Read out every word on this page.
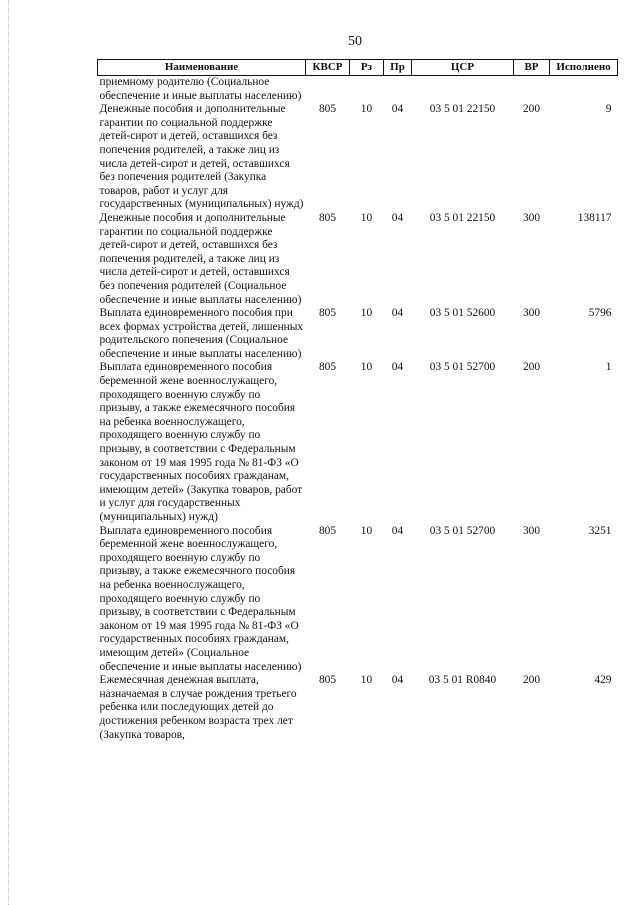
50
Наименование	КВСР	Рз	Пр	ЦСР	ВР	Исполнено
приемному родителю (Социальное обеспечение и иные выплаты населению)						
Денежные пособия и дополнительные гарантии по социальной поддержке детей-сирот и детей, оставшихся без попечения родителей, а также лиц из числа детей-сирот и детей, оставшихся без попечения родителей (Закупка товаров, работ и услуг для государственных (муниципальных) нужд)	805	10	04	03 5 01 22150	200	9
Денежные пособия и дополнительные гарантии по социальной поддержке детей-сирот и детей, оставшихся без попечения родителей, а также лиц из числа детей-сирот и детей, оставшихся без попечения родителей (Социальное обеспечение и иные выплаты населению)	805	10	04	03 5 01 22150	300	138117
Выплата единовременного пособия при всех формах устройства детей, лишенных родительского попечения (Социальное обеспечение и иные выплаты населению)	805	10	04	03 5 01 52600	300	5796
Выплата единовременного пособия беременной жене военнослужащего, проходящего военную службу по призыву, а также ежемесячного пособия на ребенка военнослужащего, проходящего военную службу по призыву, в соответствии с Федеральным законом от 19 мая 1995 года № 81-ФЗ «О государственных пособиях гражданам, имеющим детей» (Закупка товаров, работ и услуг для государственных (муниципальных) нужд)	805	10	04	03 5 01 52700	200	1
Выплата единовременного пособия беременной жене военнослужащего, проходящего военную службу по призыву, а также ежемесячного пособия на ребенка военнослужащего, проходящего военную службу по призыву, в соответствии с Федеральным законом от 19 мая 1995 года № 81-ФЗ «О государственных пособиях гражданам, имеющим детей» (Социальное обеспечение и иные выплаты населению)	805	10	04	03 5 01 52700	300	3251
Ежемесячная денежная выплата, назначаемая в случае рождения третьего ребенка или последующих детей до достижения ребенком возраста трех лет (Закупка товаров,	805	10	04	03 5 01 R0840	200	429
